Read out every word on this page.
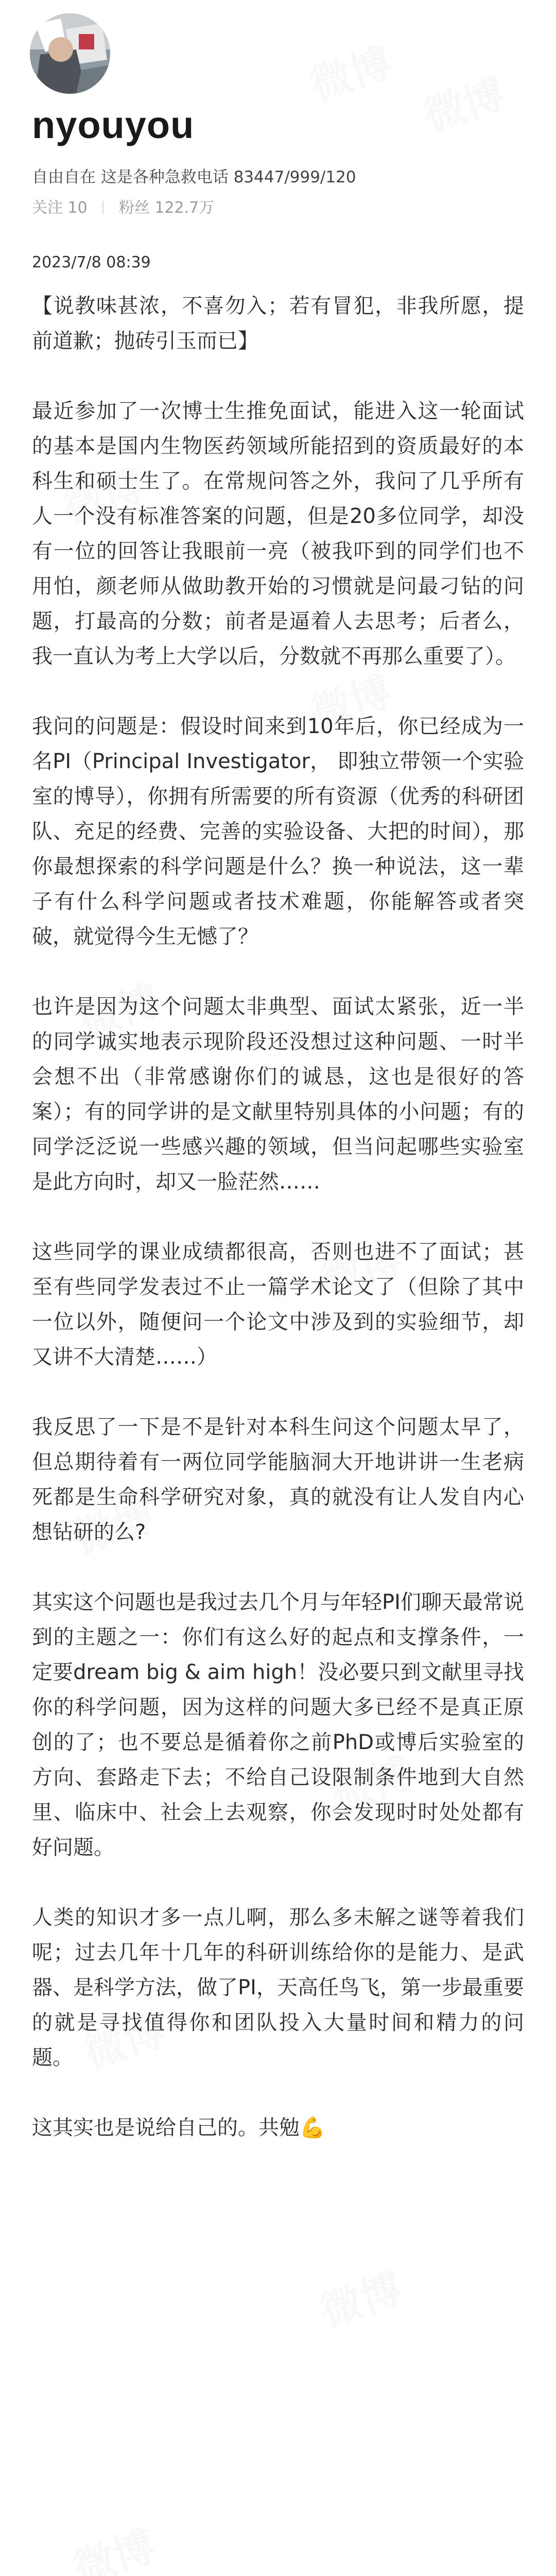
nyouyou
自由自在 这是各种急救电话 83447/999/120
关注 10 粉丝 122.7万
2023/7/8 08:39

【说教味甚浓，不喜勿入；若有冒犯，非我所愿，提前道歉；抛砖引玉而已】

最近参加了一次博士生推免面试，能进入这一轮面试的基本是国内生物医药领域所能招到的资质最好的本科生和硕士生了。在常规问答之外，我问了几乎所有人一个没有标准答案的问题，但是20多位同学，却没有一位的回答让我眼前一亮（被我吓到的同学们也不用怕，颜老师从做助教开始的习惯就是问最刁钻的问题，打最高的分数；前者是逼着人去思考；后者么，我一直认为考上大学以后，分数就不再那么重要了）。

我问的问题是：假设时间来到10年后，你已经成为一名PI（Principal Investigator， 即独立带领一个实验室的博导），你拥有所需要的所有资源（优秀的科研团队、充足的经费、完善的实验设备、大把的时间），那你最想探索的科学问题是什么？换一种说法，这一辈子有什么科学问题或者技术难题，你能解答或者突破，就觉得今生无憾了？

也许是因为这个问题太非典型、面试太紧张，近一半的同学诚实地表示现阶段还没想过这种问题、一时半会想不出（非常感谢你们的诚恳，这也是很好的答案）；有的同学讲的是文献里特别具体的小问题；有的同学泛泛说一些感兴趣的领域，但当问起哪些实验室是此方向时，却又一脸茫然……

这些同学的课业成绩都很高，否则也进不了面试；甚至有些同学发表过不止一篇学术论文了（但除了其中一位以外，随便问一个论文中涉及到的实验细节，却又讲不大清楚……）

我反思了一下是不是针对本科生问这个问题太早了，但总期待着有一两位同学能脑洞大开地讲讲一生老病死都是生命科学研究对象，真的就没有让人发自内心想钻研的么?

其实这个问题也是我过去几个月与年轻PI们聊天最常说到的主题之一：你们有这么好的起点和支撑条件，一定要dream big & aim high！没必要只到文献里寻找你的科学问题，因为这样的问题大多已经不是真正原创的了；也不要总是循着你之前PhD或博后实验室的方向、套路走下去；不给自己设限制条件地到大自然里、临床中、社会上去观察，你会发现时时处处都有好问题。

人类的知识才多一点儿啊，那么多未解之谜等着我们呢；过去几年十几年的科研训练给你的是能力、是武器、是科学方法，做了PI，天高任鸟飞，第一步最重要的就是寻找值得你和团队投入大量时间和精力的问题。

这其实也是说给自己的。共勉💪
